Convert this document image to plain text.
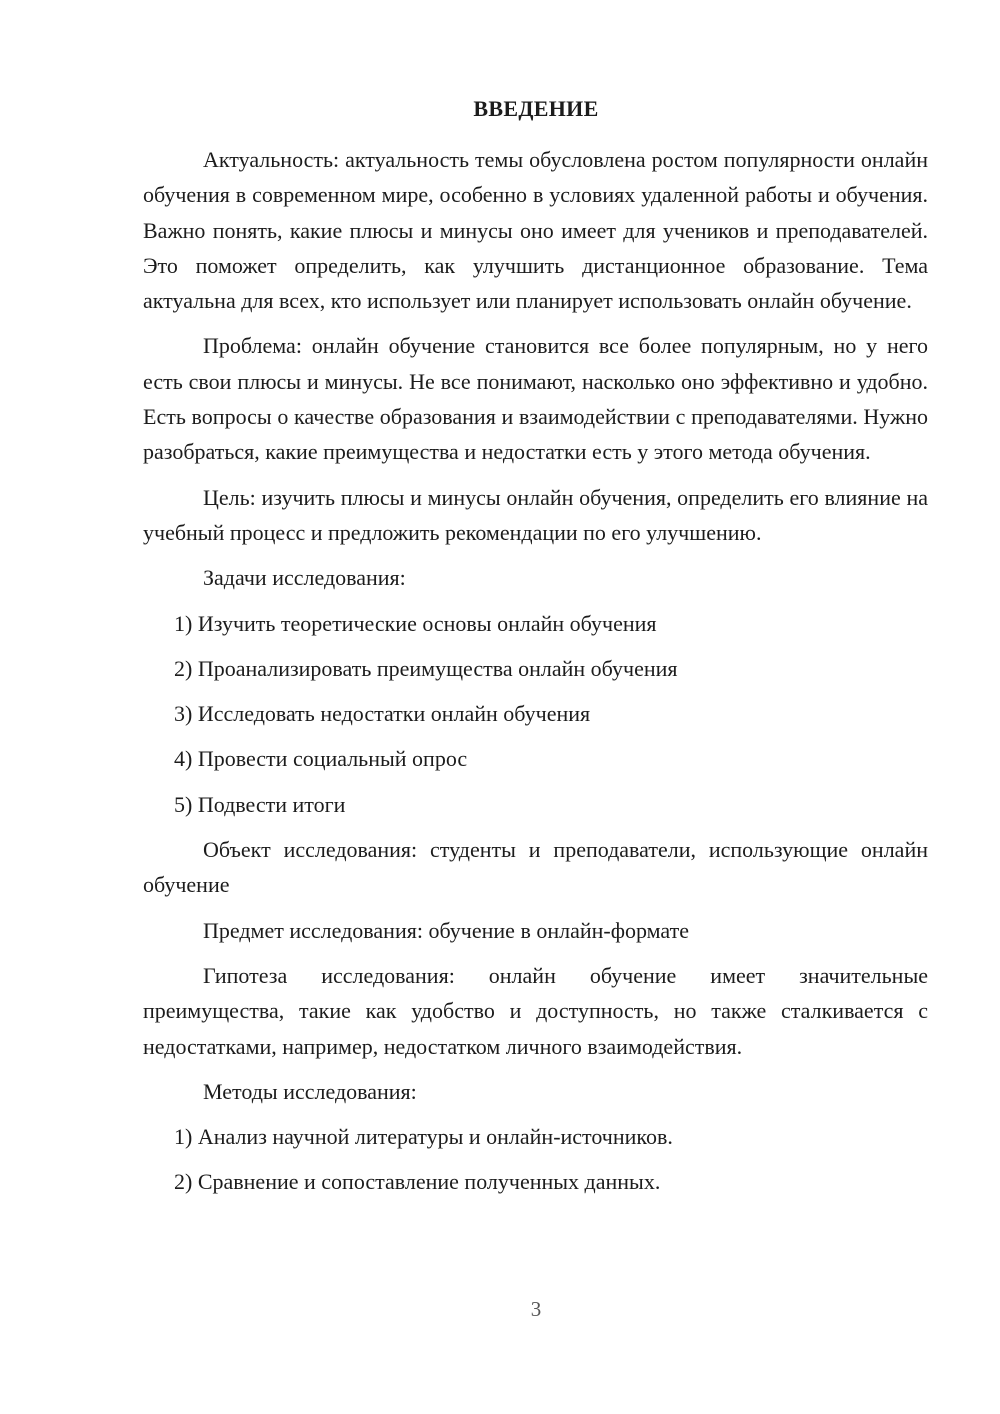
ВВЕДЕНИЕ

Актуальность: актуальность темы обусловлена ростом популярности онлайн обучения в современном мире, особенно в условиях удаленной работы и обучения. Важно понять, какие плюсы и минусы оно имеет для учеников и преподавателей. Это поможет определить, как улучшить дистанционное образование. Тема актуальна для всех, кто использует или планирует использовать онлайн обучение.

Проблема: онлайн обучение становится все более популярным, но у него есть свои плюсы и минусы. Не все понимают, насколько оно эффективно и удобно. Есть вопросы о качестве образования и взаимодействии с преподавателями. Нужно разобраться, какие преимущества и недостатки есть у этого метода обучения.

Цель: изучить плюсы и минусы онлайн обучения, определить его влияние на учебный процесс и предложить рекомендации по его улучшению.

Задачи исследования:

1) Изучить теоретические основы онлайн обучения
2) Проанализировать преимущества онлайн обучения
3) Исследовать недостатки онлайн обучения
4) Провести социальный опрос
5) Подвести итоги

Объект исследования: студенты и преподаватели, использующие онлайн обучение

Предмет исследования: обучение в онлайн-формате

Гипотеза исследования: онлайн обучение имеет значительные преимущества, такие как удобство и доступность, но также сталкивается с недостатками, например, недостатком личного взаимодействия.

Методы исследования:

1) Анализ научной литературы и онлайн-источников.
2) Сравнение и сопоставление полученных данных.
3
